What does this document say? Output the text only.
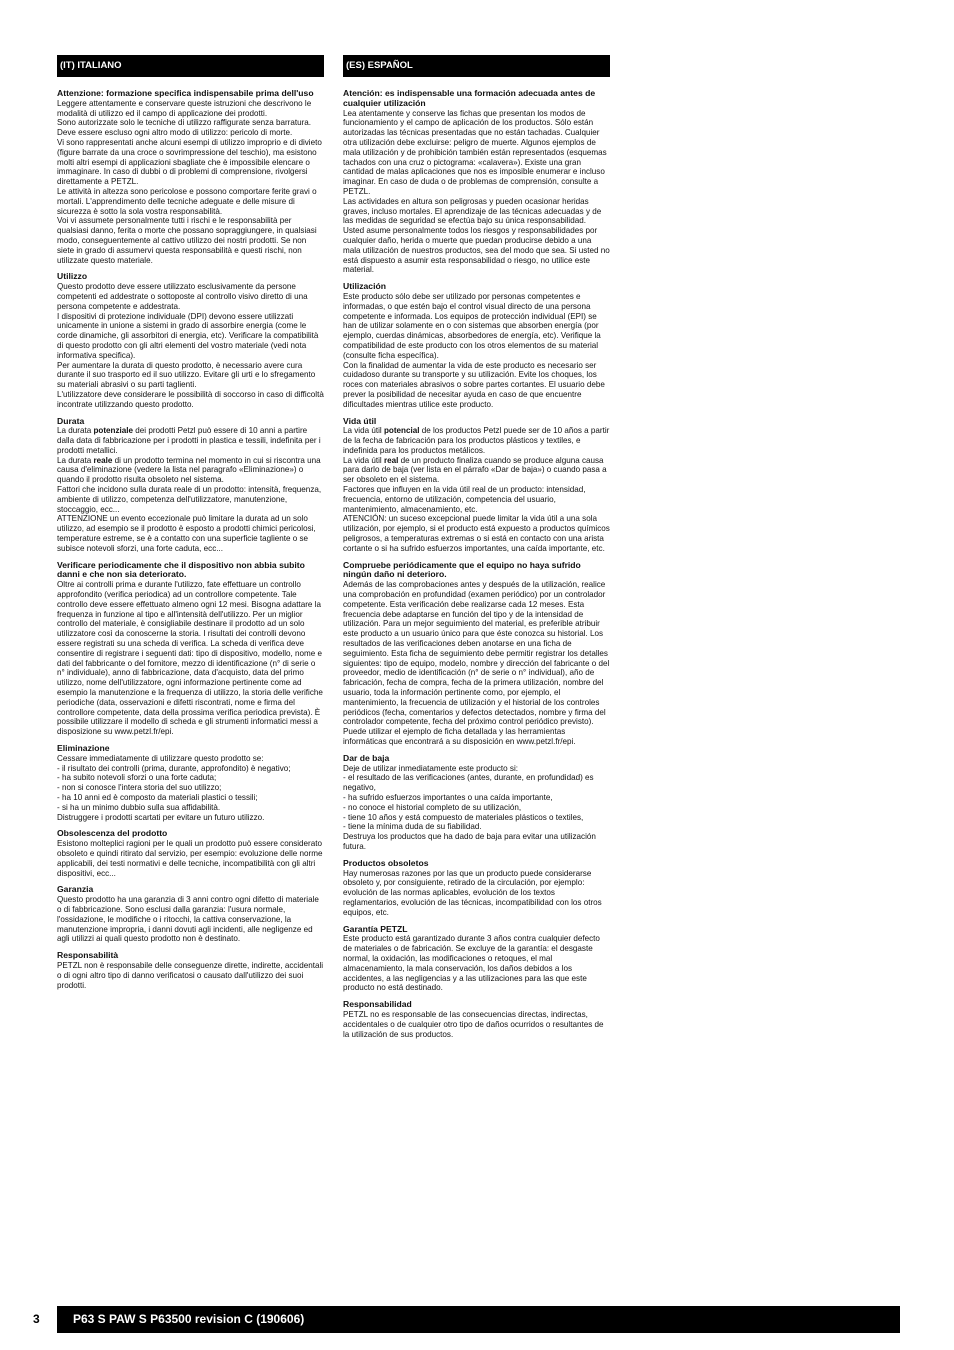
(IT) ITALIANO
Attenzione: formazione specifica indispensabile prima dell'uso
Leggere attentamente e conservare queste istruzioni che descrivono le modalità di utilizzo ed il campo di applicazione dei prodotti.
Sono autorizzate solo le tecniche di utilizzo raffigurate senza barratura. Deve essere escluso ogni altro modo di utilizzo: pericolo di morte.
Vi sono rappresentati anche alcuni esempi di utilizzo improprio e di divieto (figure barrate da una croce o sovrimpressione del teschio), ma esistono molti altri esempi di applicazioni sbagliate che è impossibile elencare o immaginare. In caso di dubbi o di problemi di comprensione, rivolgersi direttamente a PETZL.
Le attività in altezza sono pericolose e possono comportare ferite gravi o mortali. L'apprendimento delle tecniche adeguate e delle misure di sicurezza è sotto la sola vostra responsabilità.
Voi vi assumete personalmente tutti i rischi e le responsabilità per qualsiasi danno, ferita o morte che possano sopraggiungere, in qualsiasi modo, conseguentemente al cattivo utilizzo dei nostri prodotti. Se non siete in grado di assumervi questa responsabilità e questi rischi, non utilizzate questo materiale.
Utilizzo
Questo prodotto deve essere utilizzato esclusivamente da persone competenti ed addestrate o sottoposte al controllo visivo diretto di una persona competente e addestrata.
I dispositivi di protezione individuale (DPI) devono essere utilizzati unicamente in unione a sistemi in grado di assorbire energia (come le corde dinamiche, gli assorbitori di energia, etc). Verificare la compatibilità di questo prodotto con gli altri elementi del vostro materiale (vedi nota informativa specifica).
Per aumentare la durata di questo prodotto, è necessario avere cura durante il suo trasporto ed il suo utilizzo. Evitare gli urti e lo sfregamento su materiali abrasivi o su parti taglienti.
L'utilizzatore deve considerare le possibilità di soccorso in caso di difficoltà incontrate utilizzando questo prodotto.
Durata
La durata potenziale dei prodotti Petzl può essere di 10 anni a partire dalla data di fabbricazione per i prodotti in plastica e tessili, indefinita per i prodotti metallici.
La durata reale di un prodotto termina nel momento in cui si riscontra una causa d'eliminazione (vedere la lista nel paragrafo «Eliminazione») o quando il prodotto risulta obsoleto nel sistema.
Fattori che incidono sulla durata reale di un prodotto: intensità, frequenza, ambiente di utilizzo, competenza dell'utilizzatore, manutenzione, stoccaggio, ecc...
ATTENZIONE un evento eccezionale può limitare la durata ad un solo utilizzo, ad esempio se il prodotto è esposto a prodotti chimici pericolosi, temperature estreme, se è a contatto con una superficie tagliente o se subisce notevoli sforzi, una forte caduta, ecc...
Verificare periodicamente che il dispositivo non abbia subito danni e che non sia deteriorato.
Oltre ai controlli prima e durante l'utilizzo, fate effettuare un controllo approfondito (verifica periodica) ad un controllore competente. Tale controllo deve essere effettuato almeno ogni 12 mesi. Bisogna adattare la frequenza in funzione al tipo e all'intensità dell'utilizzo. Per un miglior controllo del materiale, è consigliabile destinare il prodotto ad un solo utilizzatore così da conoscerne la storia. I risultati dei controlli devono essere registrati su una scheda di verifica. La scheda di verifica deve consentire di registrare i seguenti dati: tipo di dispositivo, modello, nome e dati del fabbricante o del fornitore, mezzo di identificazione (n° di serie o n° individuale), anno di fabbricazione, data d'acquisto, data del primo utilizzo, nome dell'utilizzatore, ogni informazione pertinente come ad esempio la manutenzione e la frequenza di utilizzo, la storia delle verifiche periodiche (data, osservazioni e difetti riscontrati, nome e firma del controllore competente, data della prossima verifica periodica prevista). È possibile utilizzare il modello di scheda e gli strumenti informatici messi a disposizione su www.petzl.fr/epi.
Eliminazione
Cessare immediatamente di utilizzare questo prodotto se:
- il risultato dei controlli (prima, durante, approfondito) è negativo;
- ha subito notevoli sforzi o una forte caduta;
- non si conosce l'intera storia del suo utilizzo;
- ha 10 anni ed è composto da materiali plastici o tessili;
- si ha un minimo dubbio sulla sua affidabilità.
Distruggere i prodotti scartati per evitare un futuro utilizzo.
Obsolescenza del prodotto
Esistono molteplici ragioni per le quali un prodotto può essere considerato obsoleto e quindi ritirato dal servizio, per esempio: evoluzione delle norme applicabili, dei testi normativi e delle tecniche, incompatibilità con gli altri dispositivi, ecc...
Garanzia
Questo prodotto ha una garanzia di 3 anni contro ogni difetto di materiale o di fabbricazione. Sono esclusi dalla garanzia: l'usura normale, l'ossidazione, le modifiche o i ritocchi, la cattiva conservazione, la manutenzione impropria, i danni dovuti agli incidenti, alle negligenze ed agli utilizzi ai quali questo prodotto non è destinato.
Responsabilità
PETZL non è responsabile delle conseguenze dirette, indirette, accidentali o di ogni altro tipo di danno verificatosi o causato dall'utilizzo dei suoi prodotti.
(ES) ESPAÑOL
Atención: es indispensable una formación adecuada antes de cualquier utilización
Lea atentamente y conserve las fichas que presentan los modos de funcionamiento y el campo de aplicación de los productos. Sólo están autorizadas las técnicas presentadas que no están tachadas. Cualquier otra utilización debe excluirse: peligro de muerte. Algunos ejemplos de mala utilización y de prohibición también están representados (esquemas tachados con una cruz o pictograma: «calavera»). Existe una gran cantidad de malas aplicaciones que nos es imposible enumerar e incluso imaginar. En caso de duda o de problemas de comprensión, consulte a PETZL.
Las actividades en altura son peligrosas y pueden ocasionar heridas graves, incluso mortales. El aprendizaje de las técnicas adecuadas y de las medidas de seguridad se efectúa bajo su única responsabilidad.
Usted asume personalmente todos los riesgos y responsabilidades por cualquier daño, herida o muerte que puedan producirse debido a una mala utilización de nuestros productos, sea del modo que sea. Si usted no está dispuesto a asumir esta responsabilidad o riesgo, no utilice este material.
Utilización
Este producto sólo debe ser utilizado por personas competentes e informadas, o que estén bajo el control visual directo de una persona competente e informada. Los equipos de protección individual (EPI) se han de utilizar solamente en o con sistemas que absorben energía (por ejemplo, cuerdas dinámicas, absorbedores de energía, etc). Verifique la compatibilidad de este producto con los otros elementos de su material (consulte ficha específica).
Con la finalidad de aumentar la vida de este producto es necesario ser cuidadoso durante su transporte y su utilización. Evite los choques, los roces con materiales abrasivos o sobre partes cortantes. El usuario debe prever la posibilidad de necesitar ayuda en caso de que encuentre dificultades mientras utilice este producto.
Vida útil
La vida útil potencial de los productos Petzl puede ser de 10 años a partir de la fecha de fabricación para los productos plásticos y textiles, e indefinida para los productos metálicos.
La vida útil real de un producto finaliza cuando se produce alguna causa para darlo de baja (ver lista en el párrafo «Dar de baja») o cuando pasa a ser obsoleto en el sistema.
Factores que influyen en la vida útil real de un producto: intensidad, frecuencia, entorno de utilización, competencia del usuario, mantenimiento, almacenamiento, etc.
ATENCIÓN: un suceso excepcional puede limitar la vida útil a una sola utilización, por ejemplo, si el producto está expuesto a productos químicos peligrosos, a temperaturas extremas o si está en contacto con una arista cortante o si ha sufrido esfuerzos importantes, una caída importante, etc.
Compruebe periódicamente que el equipo no haya sufrido ningún daño ni deterioro.
Además de las comprobaciones antes y después de la utilización, realice una comprobación en profundidad (examen periódico) por un controlador competente. Esta verificación debe realizarse cada 12 meses. Esta frecuencia debe adaptarse en función del tipo y de la intensidad de utilización. Para un mejor seguimiento del material, es preferible atribuir este producto a un usuario único para que éste conozca su historial. Los resultados de las verificaciones deben anotarse en una ficha de seguimiento. Esta ficha de seguimiento debe permitir registrar los detalles siguientes: tipo de equipo, modelo, nombre y dirección del fabricante o del proveedor, medio de identificación (n° de serie o n° individual), año de fabricación, fecha de compra, fecha de la primera utilización, nombre del usuario, toda la información pertinente como, por ejemplo, el mantenimiento, la frecuencia de utilización y el historial de los controles periódicos (fecha, comentarios y defectos detectados, nombre y firma del controlador competente, fecha del próximo control periódico previsto). Puede utilizar el ejemplo de ficha detallada y las herramientas informáticas que encontrará a su disposición en www.petzl.fr/epi.
Dar de baja
Deje de utilizar inmediatamente este producto si:
- el resultado de las verificaciones (antes, durante, en profundidad) es negativo,
- ha sufrido esfuerzos importantes o una caída importante,
- no conoce el historial completo de su utilización,
- tiene 10 años y está compuesto de materiales plásticos o textiles,
- tiene la mínima duda de su fiabilidad.
Destruya los productos que ha dado de baja para evitar una utilización futura.
Productos obsoletos
Hay numerosas razones por las que un producto puede considerarse obsoleto y, por consiguiente, retirado de la circulación, por ejemplo: evolución de las normas aplicables, evolución de los textos reglamentarios, evolución de las técnicas, incompatibilidad con los otros equipos, etc.
Garantía PETZL
Este producto está garantizado durante 3 años contra cualquier defecto de materiales o de fabricación. Se excluye de la garantía: el desgaste normal, la oxidación, las modificaciones o retoques, el mal almacenamiento, la mala conservación, los daños debidos a los accidentes, a las negligencias y a las utilizaciones para las que este producto no está destinado.
Responsabilidad
PETZL no es responsable de las consecuencias directas, indirectas, accidentales o de cualquier otro tipo de daños ocurridos o resultantes de la utilización de sus productos.
3	P63 S PAW S P63500 revision C (190606)
